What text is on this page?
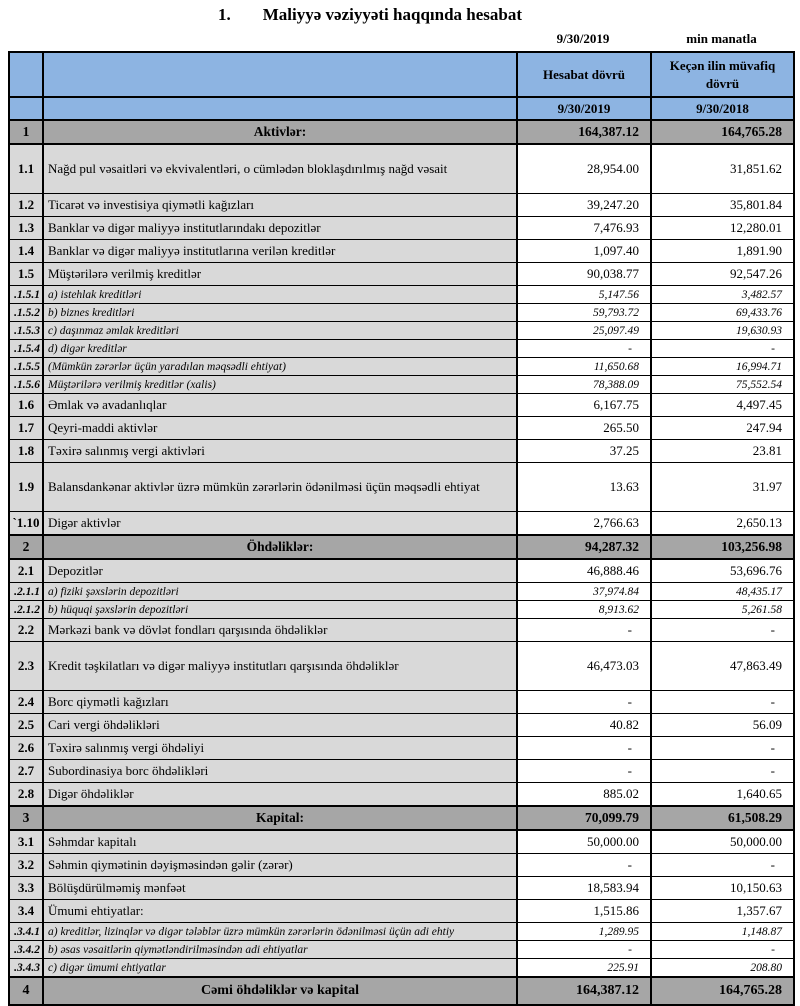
1. Maliyyə vəziyyəti haqqında hesabat
9/30/2019	min manatla
		Hesabat dövrü	Keçən ilin müvafiq dövrü
		9/30/2019	9/30/2018
1	Aktivlər:	164,387.12	164,765.28
1.1	Nağd pul vəsaitləri və ekvivalentləri, o cümlədən bloklaşdırılmış nağd vəsait	28,954.00	31,851.62
1.2	Ticarət və investisiya qiymətli kağızları	39,247.20	35,801.84
1.3	Banklar və digər maliyyə institutlarındakı depozitlər	7,476.93	12,280.01
1.4	Banklar və digər maliyyə institutlarına verilən kreditlər	1,097.40	1,891.90
1.5	Müştərilərə verilmiş kreditlər	90,038.77	92,547.26
.1.5.1	a) istehlak kreditləri	5,147.56	3,482.57
.1.5.2	b) biznes kreditləri	59,793.72	69,433.76
.1.5.3	c) daşınmaz əmlak kreditləri	25,097.49	19,630.93
.1.5.4	d) digər kreditlər	-	-
.1.5.5	(Mümkün zərərlər üçün yaradılan məqsədli ehtiyat)	11,650.68	16,994.71
.1.5.6	Müştərilərə verilmiş kreditlər (xalis)	78,388.09	75,552.54
1.6	Əmlak və avadanlıqlar	6,167.75	4,497.45
1.7	Qeyri-maddi aktivlər	265.50	247.94
1.8	Təxirə salınmış vergi aktivləri	37.25	23.81
1.9	Balansdankənar aktivlər üzrə mümkün zərərlərin ödənilməsi üçün məqsədli ehtiyat	13.63	31.97
`1.10	Digər aktivlər	2,766.63	2,650.13
2	Öhdəliklər:	94,287.32	103,256.98
2.1	Depozitlər	46,888.46	53,696.76
.2.1.1	a) fiziki şəxslərin depozitləri	37,974.84	48,435.17
.2.1.2	b) hüquqi şəxslərin depozitləri	8,913.62	5,261.58
2.2	Mərkəzi bank və dövlət fondları qarşısında öhdəliklər	-	-
2.3	Kredit təşkilatları və digər maliyyə institutları qarşısında öhdəliklər	46,473.03	47,863.49
2.4	Borc qiymətli kağızları	-	-
2.5	Cari vergi öhdəlikləri	40.82	56.09
2.6	Təxirə salınmış vergi öhdəliyi	-	-
2.7	Subordinasiya borc öhdəlikləri	-	-
2.8	Digər öhdəliklər	885.02	1,640.65
3	Kapital:	70,099.79	61,508.29
3.1	Səhmdar kapitalı	50,000.00	50,000.00
3.2	Səhmin qiymətinin dəyişməsindən gəlir (zərər)	-	-
3.3	Bölüşdürülməmiş mənfəət	18,583.94	10,150.63
3.4	Ümumi ehtiyatlar:	1,515.86	1,357.67
.3.4.1	a) kreditlər, lizinqlər və digər tələblər üzrə mümkün zərərlərin ödənilməsi üçün adi ehtiy	1,289.95	1,148.87
.3.4.2	b) əsas vəsaitlərin qiymətləndirilməsindən adi ehtiyatlar	-	-
.3.4.3	c) digər ümumi ehtiyatlar	225.91	208.80
4	Cəmi öhdəliklər və kapital	164,387.12	164,765.28
